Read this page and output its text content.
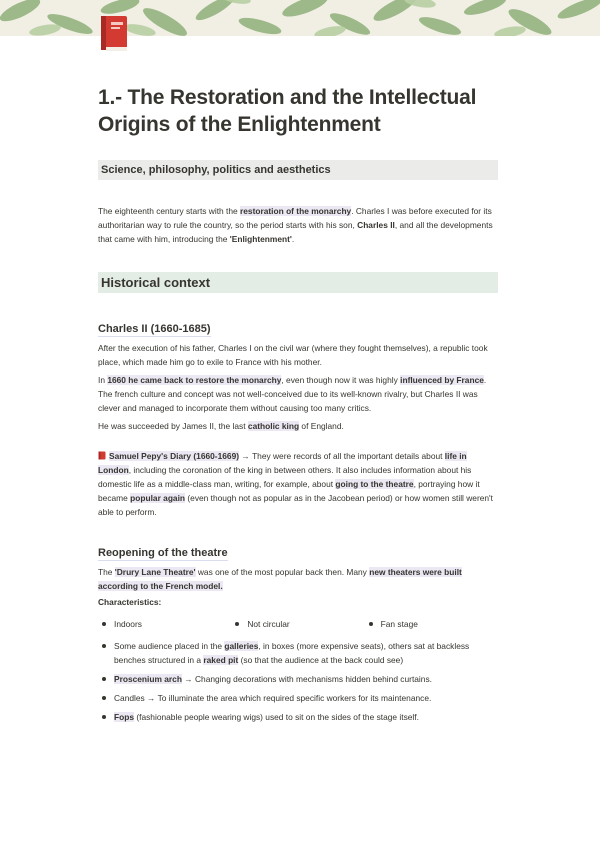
1.- The Restoration and the Intellectual Origins of the Enlightenment
Science, philosophy, politics and aesthetics

The eighteenth century starts with the restoration of the monarchy. Charles I was before executed for its authoritarian way to rule the country, so the period starts with his son, Charles II, and all the developments that came with him, introducing the 'Enlightenment'.

Historical context
Charles II (1660-1685)

After the execution of his father, Charles I on the civil war (where they fought themselves), a republic took place, which made him go to exile to France with his mother.

In 1660 he came back to restore the monarchy, even though now it was highly influenced by France. The french culture and concept was not well-conceived due to its well-known rivalry, but Charles II was clever and managed to incorporate them without causing too many critics.

He was succeeded by James II, the last catholic king of England.

Samuel Pepy's Diary (1660-1669) → They were records of all the important details about life in London, including the coronation of the king in between others. It also includes information about his domestic life as a middle-class man, writing, for example, about going to the theatre, portraying how it became popular again (even though not as popular as in the Jacobean period) or how women still weren't able to perform.

Reopening of the theatre

The 'Drury Lane Theatre' was one of the most popular back then. Many new theaters were built according to the French model.

Characteristics:
Indoors	Not circular	Fan stage
Some audience placed in the galleries, in boxes (more expensive seats), others sat at backless benches structured in a raked pit (so that the audience at the back could see)
Proscenium arch → Changing decorations with mechanisms hidden behind curtains.
Candles → To illuminate the area which required specific workers for its maintenance.
Fops (fashionable people wearing wigs) used to sit on the sides of the stage itself.
